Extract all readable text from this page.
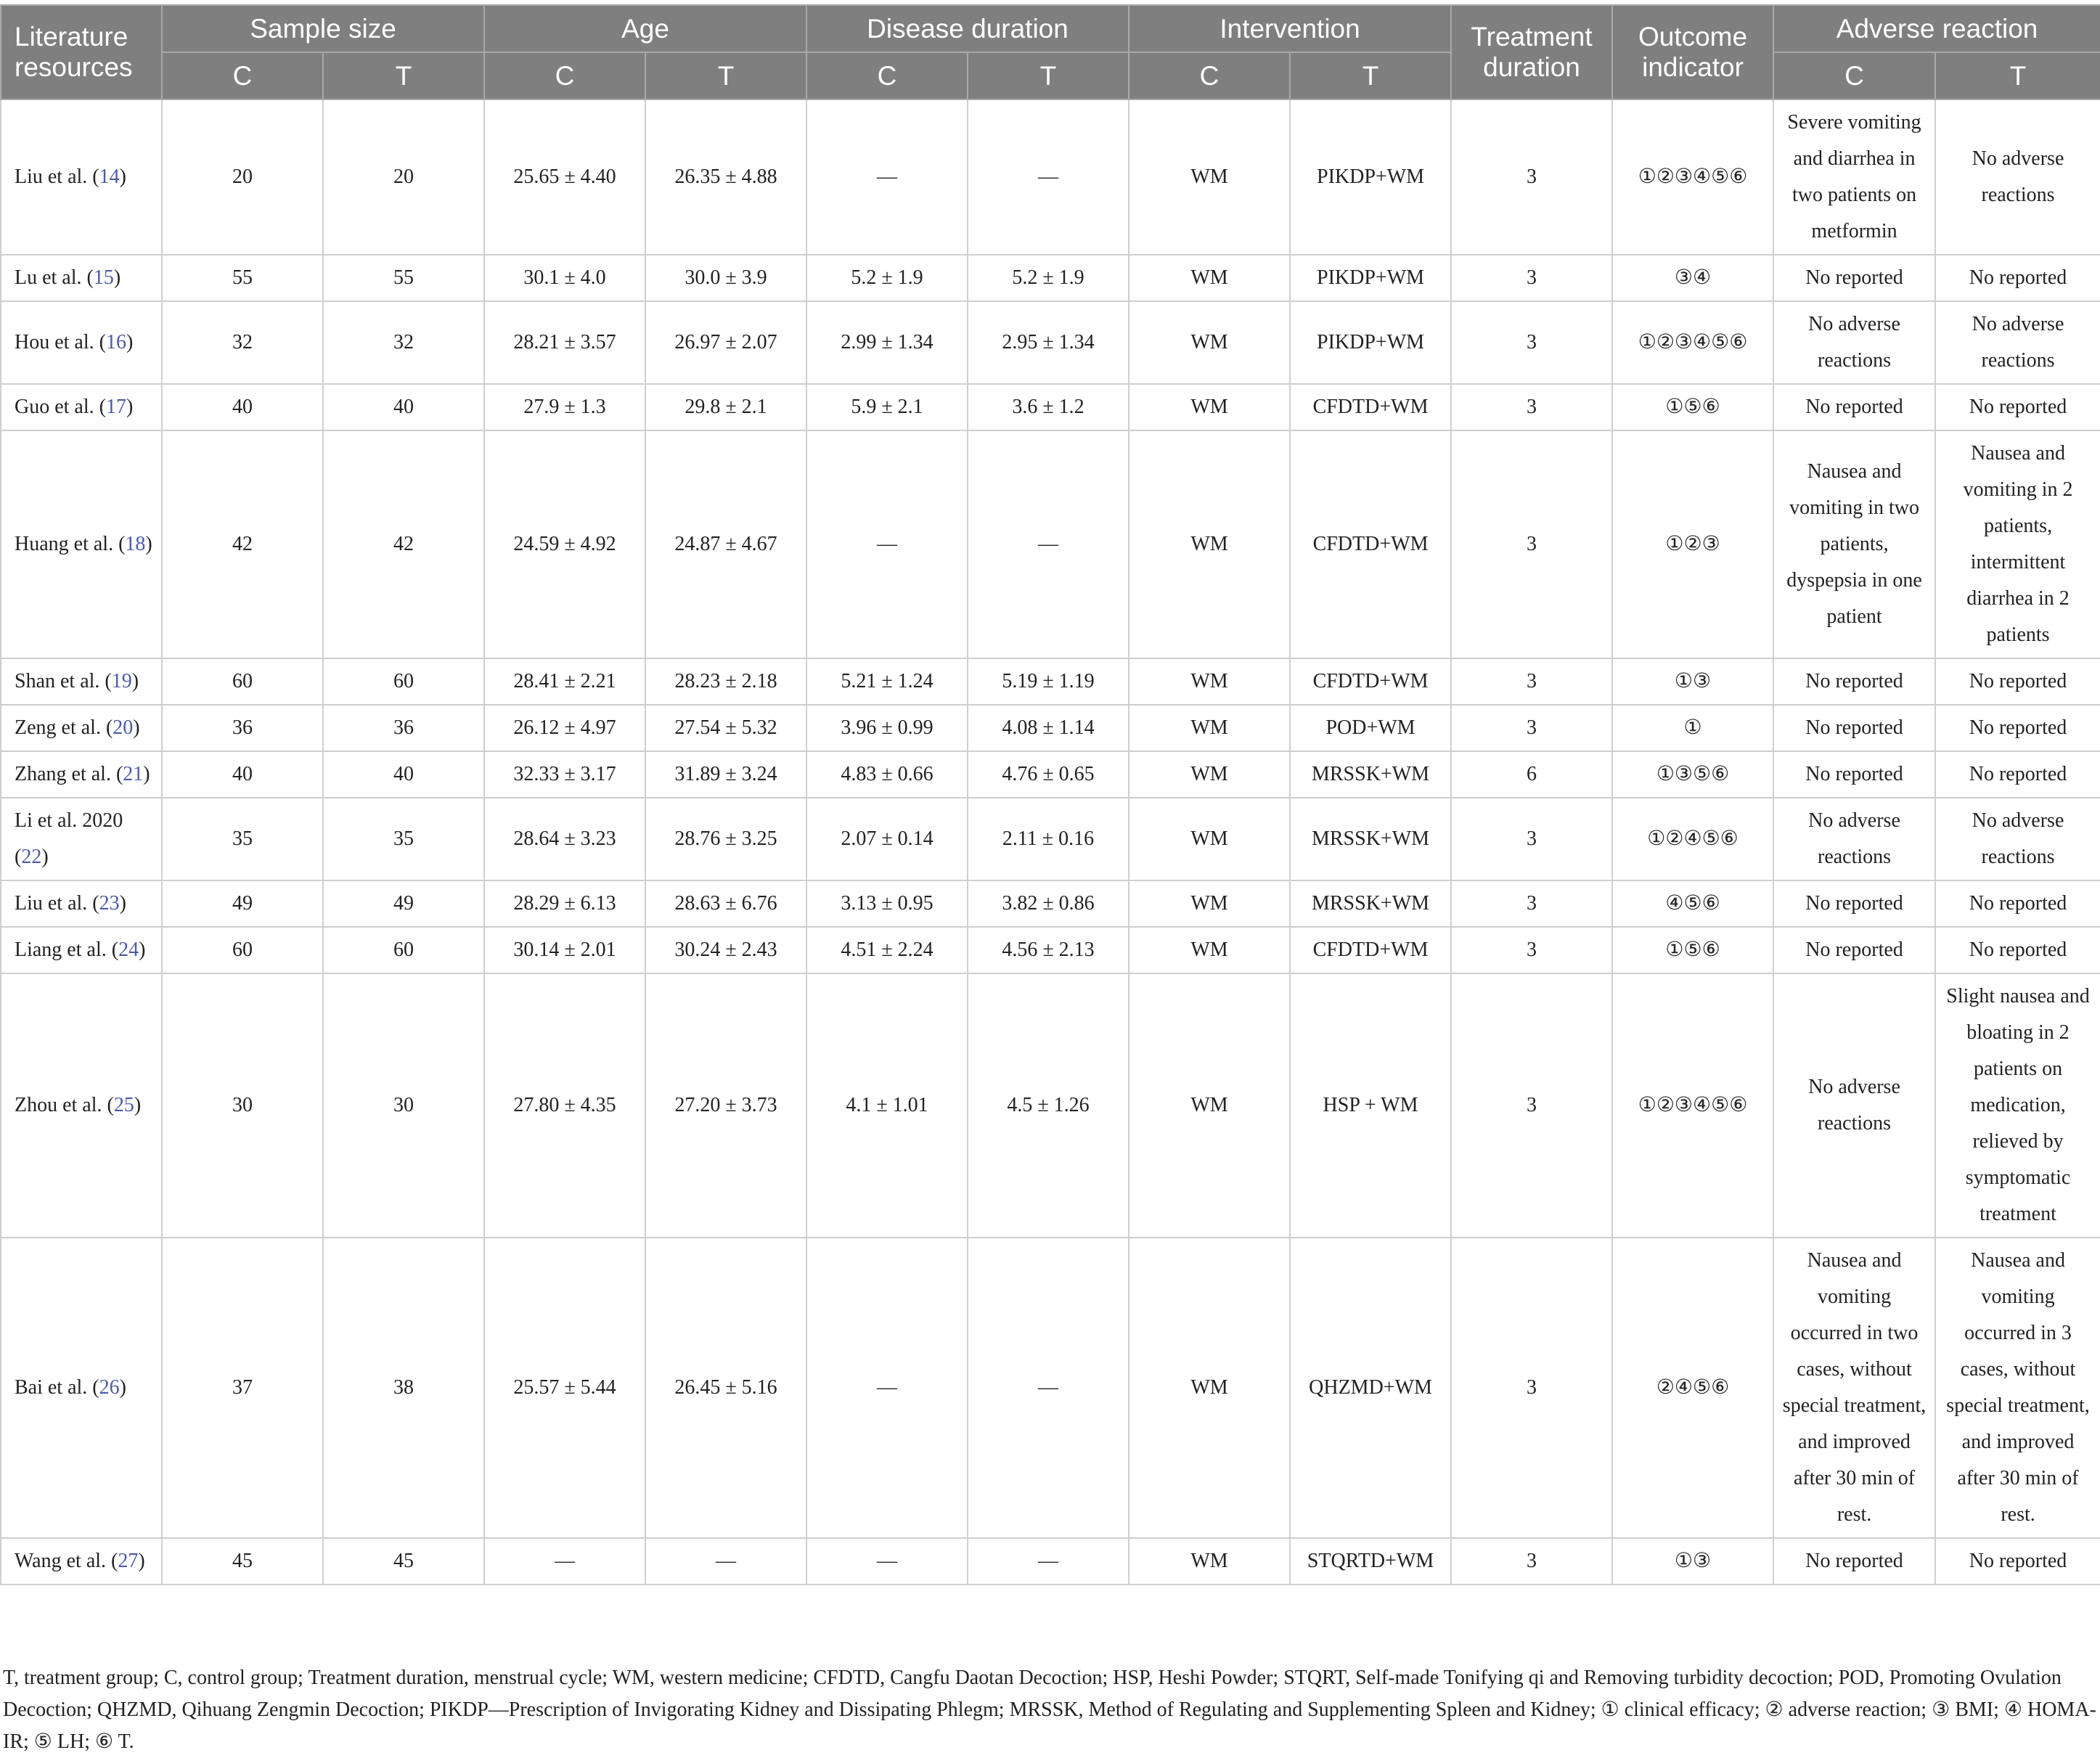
Literature resources	Sample size		Age		Disease duration		Intervention		Treatment duration	Outcome indicator	Adverse reaction	
	C	T	C	T	C	T	C	T			C	T
Liu et al. (14)	20	20	25.65 ± 4.40	26.35 ± 4.88	—	—	WM	PIKDP+WM	3	①②③④⑤⑥	Severe vomiting and diarrhea in two patients on metformin	No adverse reactions
Lu et al. (15)	55	55	30.1 ± 4.0	30.0 ± 3.9	5.2 ± 1.9	5.2 ± 1.9	WM	PIKDP+WM	3	③④	No reported	No reported
Hou et al. (16)	32	32	28.21 ± 3.57	26.97 ± 2.07	2.99 ± 1.34	2.95 ± 1.34	WM	PIKDP+WM	3	①②③④⑤⑥	No adverse reactions	No adverse reactions
Guo et al. (17)	40	40	27.9 ± 1.3	29.8 ± 2.1	5.9 ± 2.1	3.6 ± 1.2	WM	CFDTD+WM	3	①⑤⑥	No reported	No reported
Huang et al. (18)	42	42	24.59 ± 4.92	24.87 ± 4.67	—	—	WM	CFDTD+WM	3	①②③	Nausea and vomiting in two patients, dyspepsia in one patient	Nausea and vomiting in 2 patients, intermittent diarrhea in 2 patients
Shan et al. (19)	60	60	28.41 ± 2.21	28.23 ± 2.18	5.21 ± 1.24	5.19 ± 1.19	WM	CFDTD+WM	3	①③	No reported	No reported
Zeng et al. (20)	36	36	26.12 ± 4.97	27.54 ± 5.32	3.96 ± 0.99	4.08 ± 1.14	WM	POD+WM	3	①	No reported	No reported
Zhang et al. (21)	40	40	32.33 ± 3.17	31.89 ± 3.24	4.83 ± 0.66	4.76 ± 0.65	WM	MRSSK+WM	6	①③⑤⑥	No reported	No reported
Li et al. 2020 (22)	35	35	28.64 ± 3.23	28.76 ± 3.25	2.07 ± 0.14	2.11 ± 0.16	WM	MRSSK+WM	3	①②④⑤⑥	No adverse reactions	No adverse reactions
Liu et al. (23)	49	49	28.29 ± 6.13	28.63 ± 6.76	3.13 ± 0.95	3.82 ± 0.86	WM	MRSSK+WM	3	④⑤⑥	No reported	No reported
Liang et al. (24)	60	60	30.14 ± 2.01	30.24 ± 2.43	4.51 ± 2.24	4.56 ± 2.13	WM	CFDTD+WM	3	①⑤⑥	No reported	No reported
Zhou et al. (25)	30	30	27.80 ± 4.35	27.20 ± 3.73	4.1 ± 1.01	4.5 ± 1.26	WM	HSP + WM	3	①②③④⑤⑥	No adverse reactions	Slight nausea and bloating in 2 patients on medication, relieved by symptomatic treatment
Bai et al. (26)	37	38	25.57 ± 5.44	26.45 ± 5.16	—	—	WM	QHZMD+WM	3	②④⑤⑥	Nausea and vomiting occurred in two cases, without special treatment, and improved after 30 min of rest.	Nausea and vomiting occurred in 3 cases, without special treatment, and improved after 30 min of rest.
Wang et al. (27)	45	45	—	—	—	—	WM	STQRTD+WM	3	①③	No reported	No reported
T, treatment group; C, control group; Treatment duration, menstrual cycle; WM, western medicine; CFDTD, Cangfu Daotan Decoction; HSP, Heshi Powder; STQRT, Self-made Tonifying qi and Removing turbidity decoction; POD, Promoting Ovulation Decoction; QHZMD, Qihuang Zengmin Decoction; PIKDP—Prescription of Invigorating Kidney and Dissipating Phlegm; MRSSK, Method of Regulating and Supplementing Spleen and Kidney; ① clinical efficacy; ② adverse reaction; ③ BMI; ④ HOMA-IR; ⑤ LH; ⑥ T.
